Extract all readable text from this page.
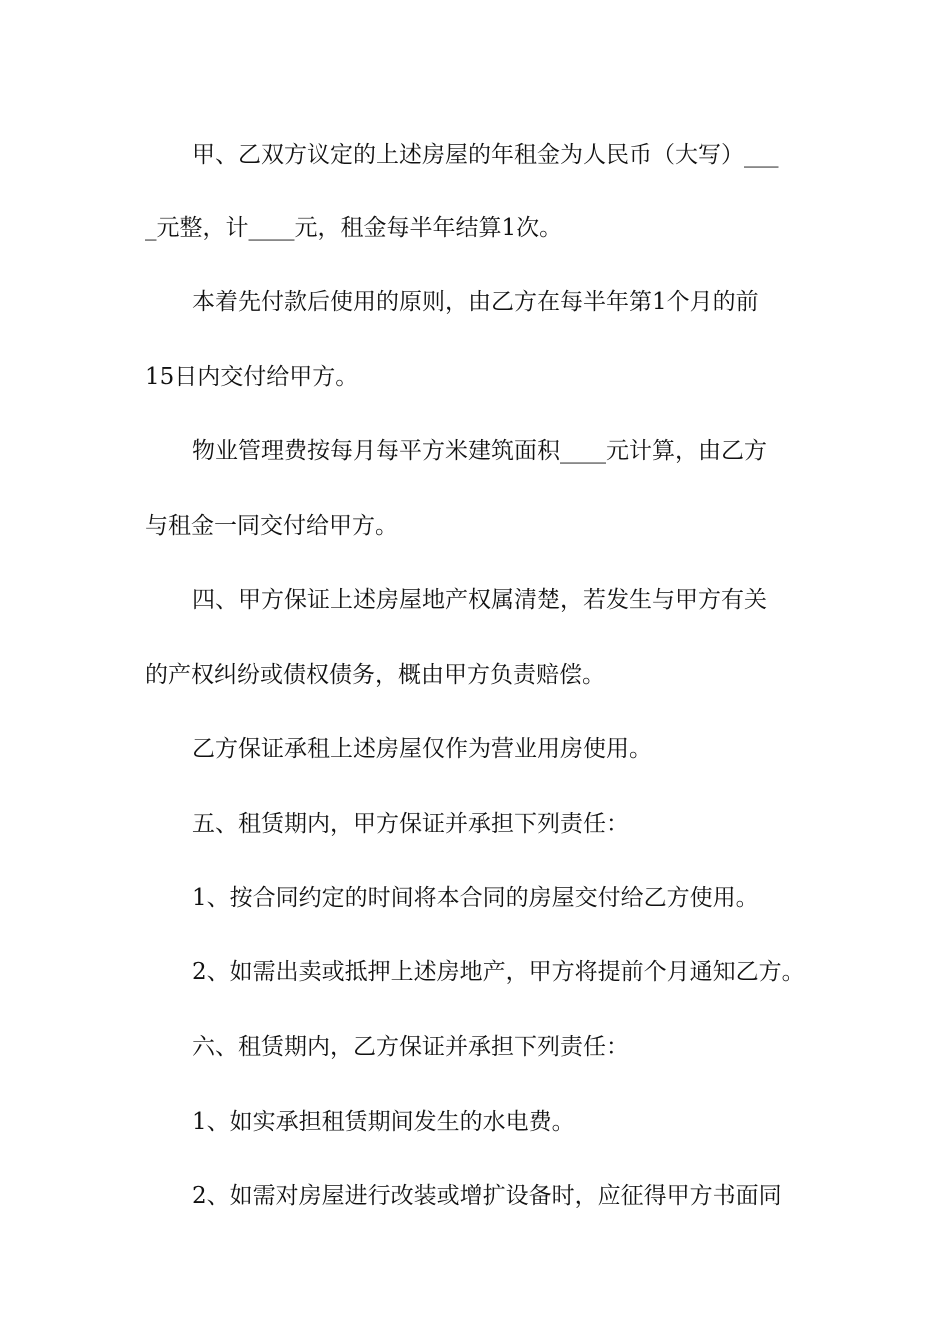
甲、乙双方议定的上述房屋的年租金为人民币（大写）___
_元整，计____元，租金每半年结算1次。
本着先付款后使用的原则，由乙方在每半年第1个月的前
15日内交付给甲方。
物业管理费按每月每平方米建筑面积____元计算，由乙方
与租金一同交付给甲方。
四、甲方保证上述房屋地产权属清楚，若发生与甲方有关
的产权纠纷或债权债务，概由甲方负责赔偿。
乙方保证承租上述房屋仅作为营业用房使用。
五、租赁期内，甲方保证并承担下列责任：
1、按合同约定的时间将本合同的房屋交付给乙方使用。
2、如需出卖或抵押上述房地产，甲方将提前个月通知乙方。
六、租赁期内，乙方保证并承担下列责任：
1、如实承担租赁期间发生的水电费。
2、如需对房屋进行改装或增扩设备时，应征得甲方书面同
